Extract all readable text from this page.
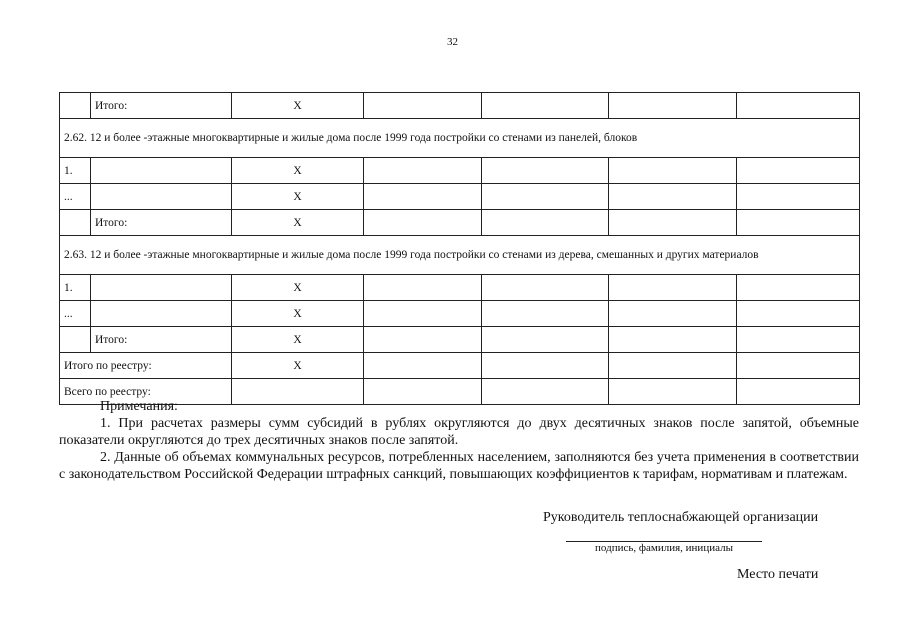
32
	Итого:	X				
2.62. 12 и более -этажные многоквартирные и жилые дома после 1999 года постройки со стенами из панелей, блоков						
1.		X				
...		X				
	Итого:	X				
2.63. 12 и более -этажные многоквартирные и жилые дома после 1999 года постройки со стенами из дерева, смешанных и других материалов						
1.		X				
...		X				
	Итого:	X				
Итого по реестру:		X				
Всего по реестру:						

Примечания:

1. При расчетах размеры сумм субсидий в рублях округляются до двух десятичных знаков после запятой, объемные показатели округляются до трех десятичных знаков после запятой.

2. Данные об объемах коммунальных ресурсов, потребленных населением, заполняются без учета применения в соответствии с законодательством Российской Федерации штрафных санкций, повышающих коэффициентов к тарифам, нормативам и платежам.

Руководитель теплоснабжающей организации
подпись, фамилия, инициалы
Место печати
